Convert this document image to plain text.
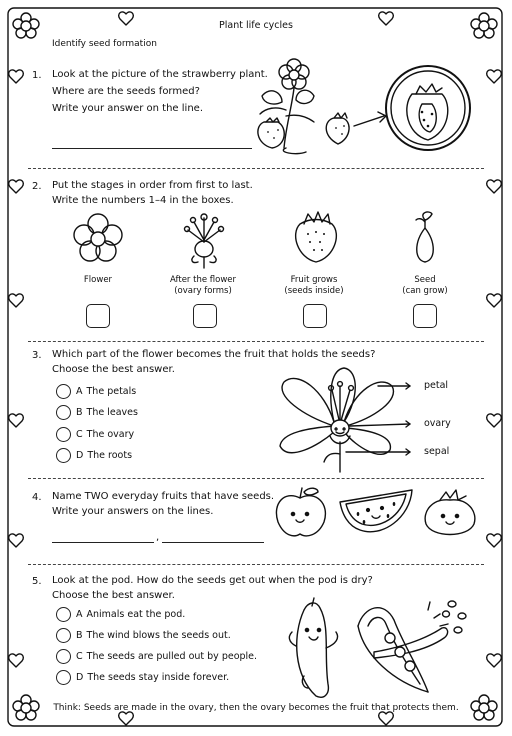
Plant life cycles
Identify seed formation
1. Look at the picture of the strawberry plant.
Where are the seeds formed?
Write your answer on the line.
2. Put the stages in order from first to last.
Write the numbers 1–4 in the boxes.
Flower	After the flower
(ovary forms)
Fruit grows
(seeds inside)
Seed
(can grow)
3. Which part of the flower becomes the fruit that holds the seeds?
Choose the best answer.
A The petals
B The leaves
C The ovary
D The roots
petal
ovary
sepal
4. Name TWO everyday fruits that have seeds.
Write your answers on the lines.
,
5. Look at the pod. How do the seeds get out when the pod is dry?
Choose the best answer.
A Animals eat the pod.
B The wind blows the seeds out.
C The seeds are pulled out by people.
D The seeds stay inside forever.
Think: Seeds are made in the ovary, then the ovary becomes the fruit that protects them.
